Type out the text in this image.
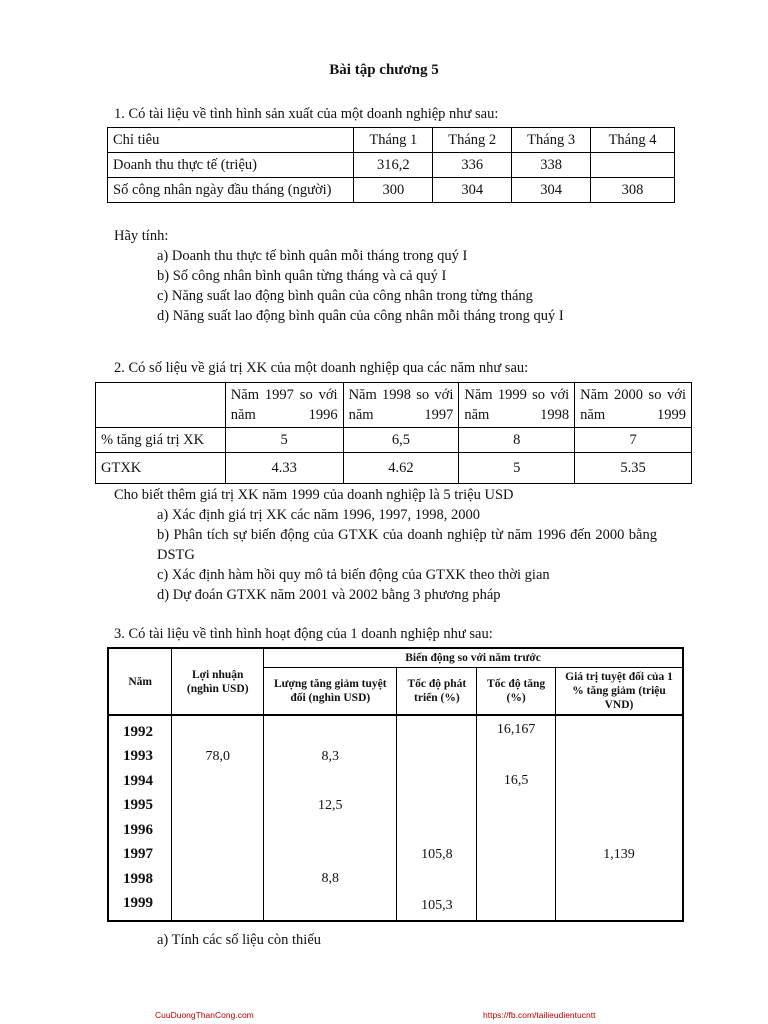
Bài tập chương 5
1. Có tài liệu về tình hình sản xuất của một doanh nghiệp như sau:
Chỉ tiêu	Tháng 1	Tháng 2	Tháng 3	Tháng 4
Doanh thu thực tế (triệu)	316,2	336	338	
Số công nhân ngày đầu tháng (người)	300	304	304	308
Hãy tính:
a) Doanh thu thực tế bình quân mỗi tháng trong quý I
b) Số công nhân bình quân từng tháng và cả quý I
c) Năng suất lao động bình quân của công nhân trong từng tháng
d) Năng suất lao động bình quân của công nhân mỗi tháng trong quý I
2. Có số liệu về giá trị XK của một doanh nghiệp qua các năm như sau:
	Năm 1997 so với năm 1996	Năm 1998 so với năm 1997	Năm 1999 so với năm 1998	Năm 2000 so với năm 1999
% tăng giá trị XK	5	6,5	8	7
GTXK	4.33	4.62	5	5.35
Cho biết thêm giá trị XK năm 1999 của doanh nghiệp là 5 triệu USD
a) Xác định giá trị XK các năm 1996, 1997, 1998, 2000
b) Phân tích sự biến động của GTXK của doanh nghiệp từ năm 1996 đến 2000 bằng DSTG
c) Xác định hàm hồi quy mô tả biến động của GTXK theo thời gian
d) Dự đoán GTXK năm 2001 và 2002 bằng 3 phương pháp
3. Có tài liệu về tình hình hoạt động của 1 doanh nghiệp như sau:
Năm	Lợi nhuận (nghìn USD)	Biến động so với năm trước			
		Lượng tăng giảm tuyệt đối (nghìn USD)	Tốc độ phát triển (%)	Tốc độ tăng (%)	Giá trị tuyệt đối của 1 % tăng giảm (triệu VND)
1992				16,167	
1993	78,0	8,3			
1994				16,5	
1995		12,5			
1996					
1997			105,8		1,139
1998		8,8			
1999			105,3		
a) Tính các số liệu còn thiếu
CuuDuongThanCong.com	https://fb.com/tailieudientucntt
